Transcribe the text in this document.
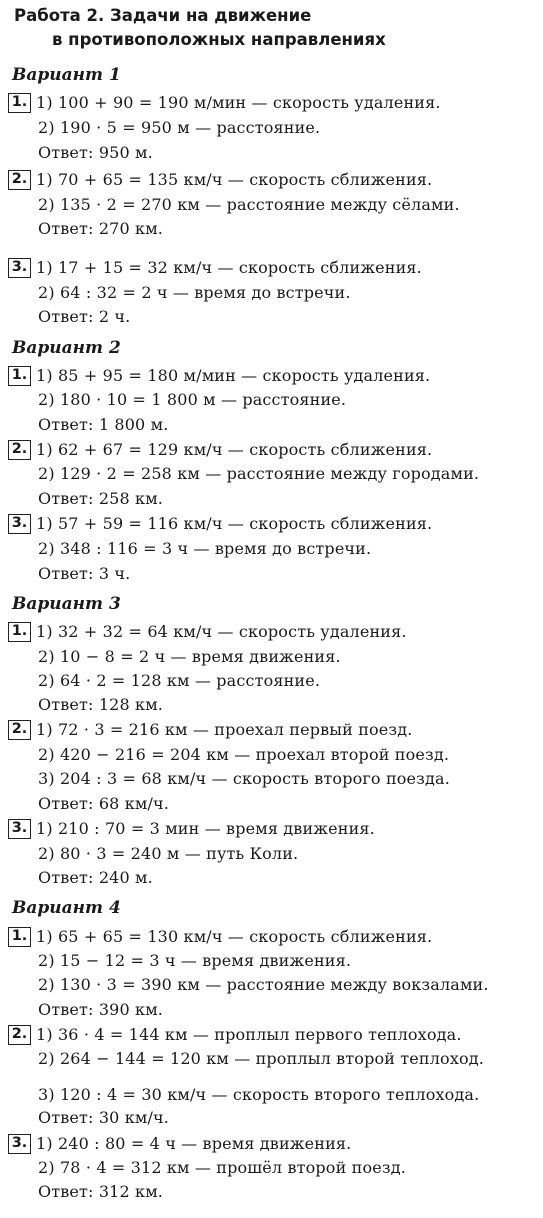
Работа 2. Задачи на движение
в противоположных направлениях
Вариант 1
1. 1) 100 + 90 = 190 м/мин — скорость удаления.
2) 190 · 5 = 950 м — расстояние.
Ответ: 950 м.
2. 1) 70 + 65 = 135 км/ч — скорость сближения.
2) 135 · 2 = 270 км — расстояние между сёлами.
Ответ: 270 км.
3. 1) 17 + 15 = 32 км/ч — скорость сближения.
2) 64 : 32 = 2 ч — время до встречи.
Ответ: 2 ч.
Вариант 2
1. 1) 85 + 95 = 180 м/мин — скорость удаления.
2) 180 · 10 = 1 800 м — расстояние.
Ответ: 1 800 м.
2. 1) 62 + 67 = 129 км/ч — скорость сближения.
2) 129 · 2 = 258 км — расстояние между городами.
Ответ: 258 км.
3. 1) 57 + 59 = 116 км/ч — скорость сближения.
2) 348 : 116 = 3 ч — время до встречи.
Ответ: 3 ч.
Вариант 3
1. 1) 32 + 32 = 64 км/ч — скорость удаления.
2) 10 − 8 = 2 ч — время движения.
2) 64 · 2 = 128 км — расстояние.
Ответ: 128 км.
2. 1) 72 · 3 = 216 км — проехал первый поезд.
2) 420 − 216 = 204 км — проехал второй поезд.
3) 204 : 3 = 68 км/ч — скорость второго поезда.
Ответ: 68 км/ч.
3. 1) 210 : 70 = 3 мин — время движения.
2) 80 · 3 = 240 м — путь Коли.
Ответ: 240 м.
Вариант 4
1. 1) 65 + 65 = 130 км/ч — скорость сближения.
2) 15 − 12 = 3 ч — время движения.
2) 130 · 3 = 390 км — расстояние между вокзалами.
Ответ: 390 км.
2. 1) 36 · 4 = 144 км — проплыл первого теплохода.
2) 264 − 144 = 120 км — проплыл второй теплоход.
3) 120 : 4 = 30 км/ч — скорость второго теплохода.
Ответ: 30 км/ч.
3. 1) 240 : 80 = 4 ч — время движения.
2) 78 · 4 = 312 км — прошёл второй поезд.
Ответ: 312 км.
